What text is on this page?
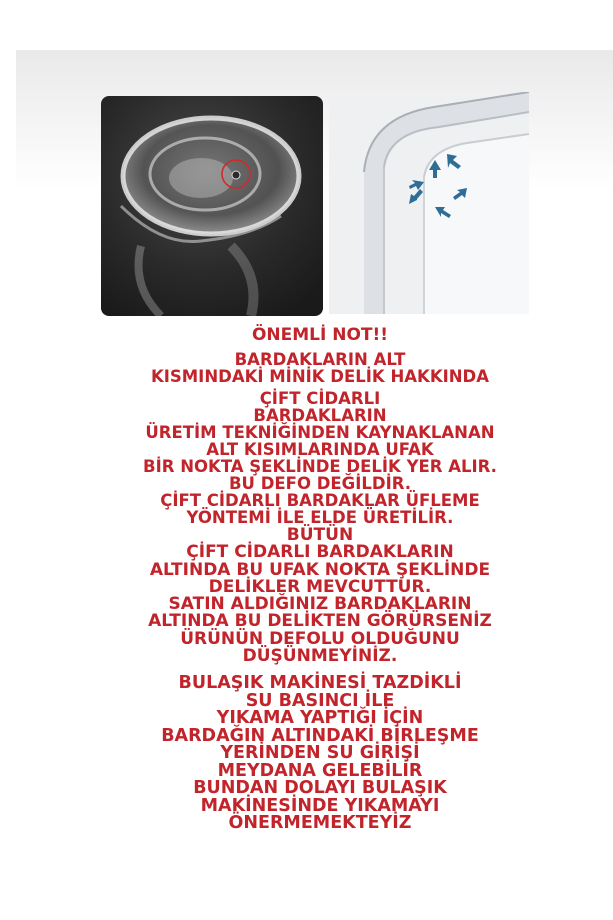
ÖNEMLİ NOT!!
BARDAKLARIN ALT
KISMINDAKİ MİNİK DELİK HAKKINDA
ÇİFT CİDARLI
BARDAKLARIN
ÜRETİM TEKNİĞİNDEN KAYNAKLANAN
ALT KISIMLARINDA UFAK
BİR NOKTA ŞEKLİNDE DELİK YER ALIR.
BU DEFO DEĞİLDİR.
ÇİFT CİDARLI BARDAKLAR ÜFLEME
YÖNTEMİ İLE ELDE ÜRETİLİR.
BÜTÜN
ÇİFT CİDARLI BARDAKLARIN
ALTINDA BU UFAK NOKTA ŞEKLİNDE
DELİKLER MEVCUTTUR.
SATIN ALDIĞINIZ BARDAKLARIN
ALTINDA BU DELİKTEN GÖRÜRSENİZ
ÜRÜNÜN DEFOLU OLDUĞUNU
DÜŞÜNMEYİNİZ.
BULAŞIK MAKİNESİ TAZDİKLİ
SU BASINCI İLE
YIKAMA YAPTIĞI İÇİN
BARDAĞIN ALTINDAKİ BİRLEŞME
YERİNDEN SU GİRİŞİ
MEYDANA GELEBİLİR
BUNDAN DOLAYI BULAŞIK
MAKİNESİNDE YIKAMAYI
ÖNERMEMEKTEYİZ
